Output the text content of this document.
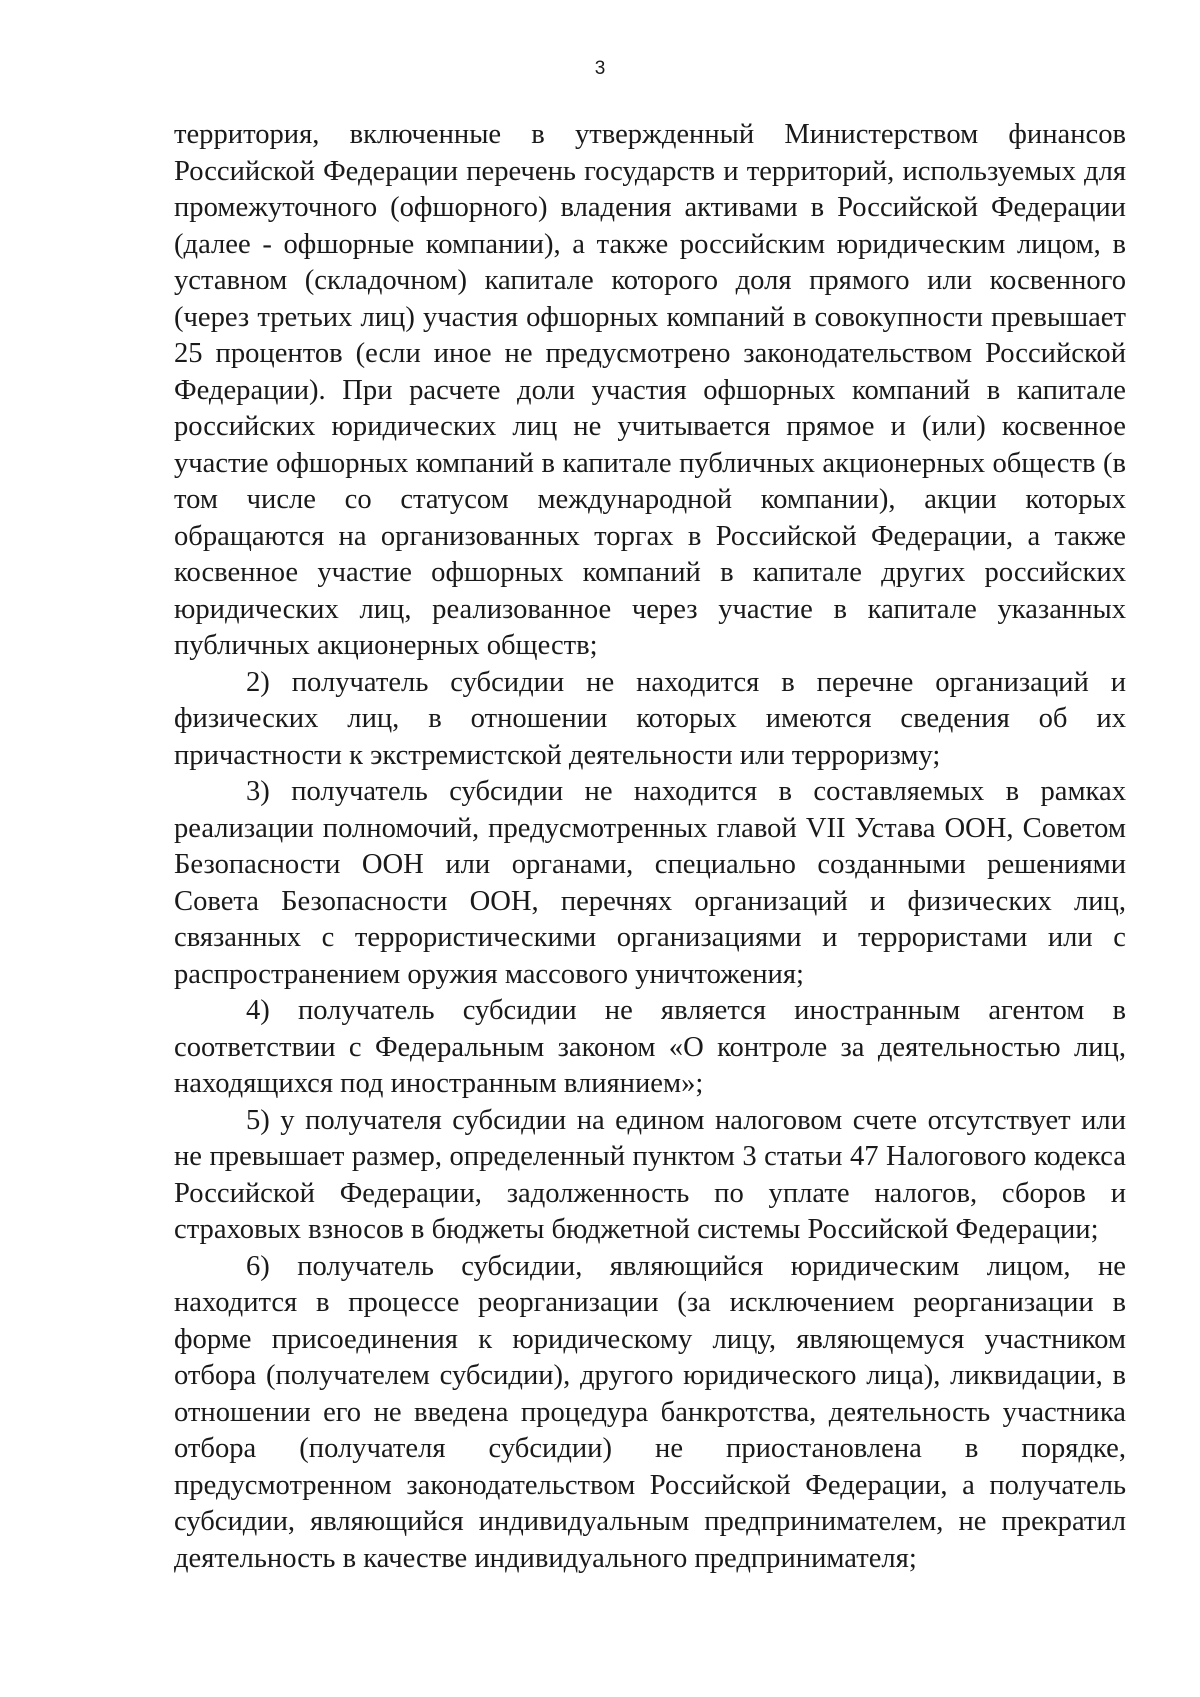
3

территория, включенные в утвержденный Министерством финансов Российской Федерации перечень государств и территорий, используемых для промежуточного (офшорного) владения активами в Российской Федерации (далее - офшорные компании), а также российским юридическим лицом, в уставном (складочном) капитале которого доля прямого или косвенного (через третьих лиц) участия офшорных компаний в совокупности превышает 25 процентов (если иное не предусмотрено законодательством Российской Федерации). При расчете доли участия офшорных компаний в капитале российских юридических лиц не учитывается прямое и (или) косвенное участие офшорных компаний в капитале публичных акционерных обществ (в том числе со статусом международной компании), акции которых обращаются на организованных торгах в Российской Федерации, а также косвенное участие офшорных компаний в капитале других российских юридических лиц, реализованное через участие в капитале указанных публичных акционерных обществ;

2) получатель субсидии не находится в перечне организаций и физических лиц, в отношении которых имеются сведения об их причастности к экстремистской деятельности или терроризму;

3) получатель субсидии не находится в составляемых в рамках реализации полномочий, предусмотренных главой VII Устава ООН, Советом Безопасности ООН или органами, специально созданными решениями Совета Безопасности ООН, перечнях организаций и физических лиц, связанных с террористическими организациями и террористами или с распространением оружия массового уничтожения;

4) получатель субсидии не является иностранным агентом в соответствии с Федеральным законом «О контроле за деятельностью лиц, находящихся под иностранным влиянием»;

5) у получателя субсидии на едином налоговом счете отсутствует или не превышает размер, определенный пунктом 3 статьи 47 Налогового кодекса Российской Федерации, задолженность по уплате налогов, сборов и страховых взносов в бюджеты бюджетной системы Российской Федерации;

6) получатель субсидии, являющийся юридическим лицом, не находится в процессе реорганизации (за исключением реорганизации в форме присоединения к юридическому лицу, являющемуся участником отбора (получателем субсидии), другого юридического лица), ликвидации, в отношении его не введена процедура банкротства, деятельность участника отбора (получателя субсидии) не приостановлена в порядке, предусмотренном законодательством Российской Федерации, а получатель субсидии, являющийся индивидуальным предпринимателем, не прекратил деятельность в качестве индивидуального предпринимателя;
